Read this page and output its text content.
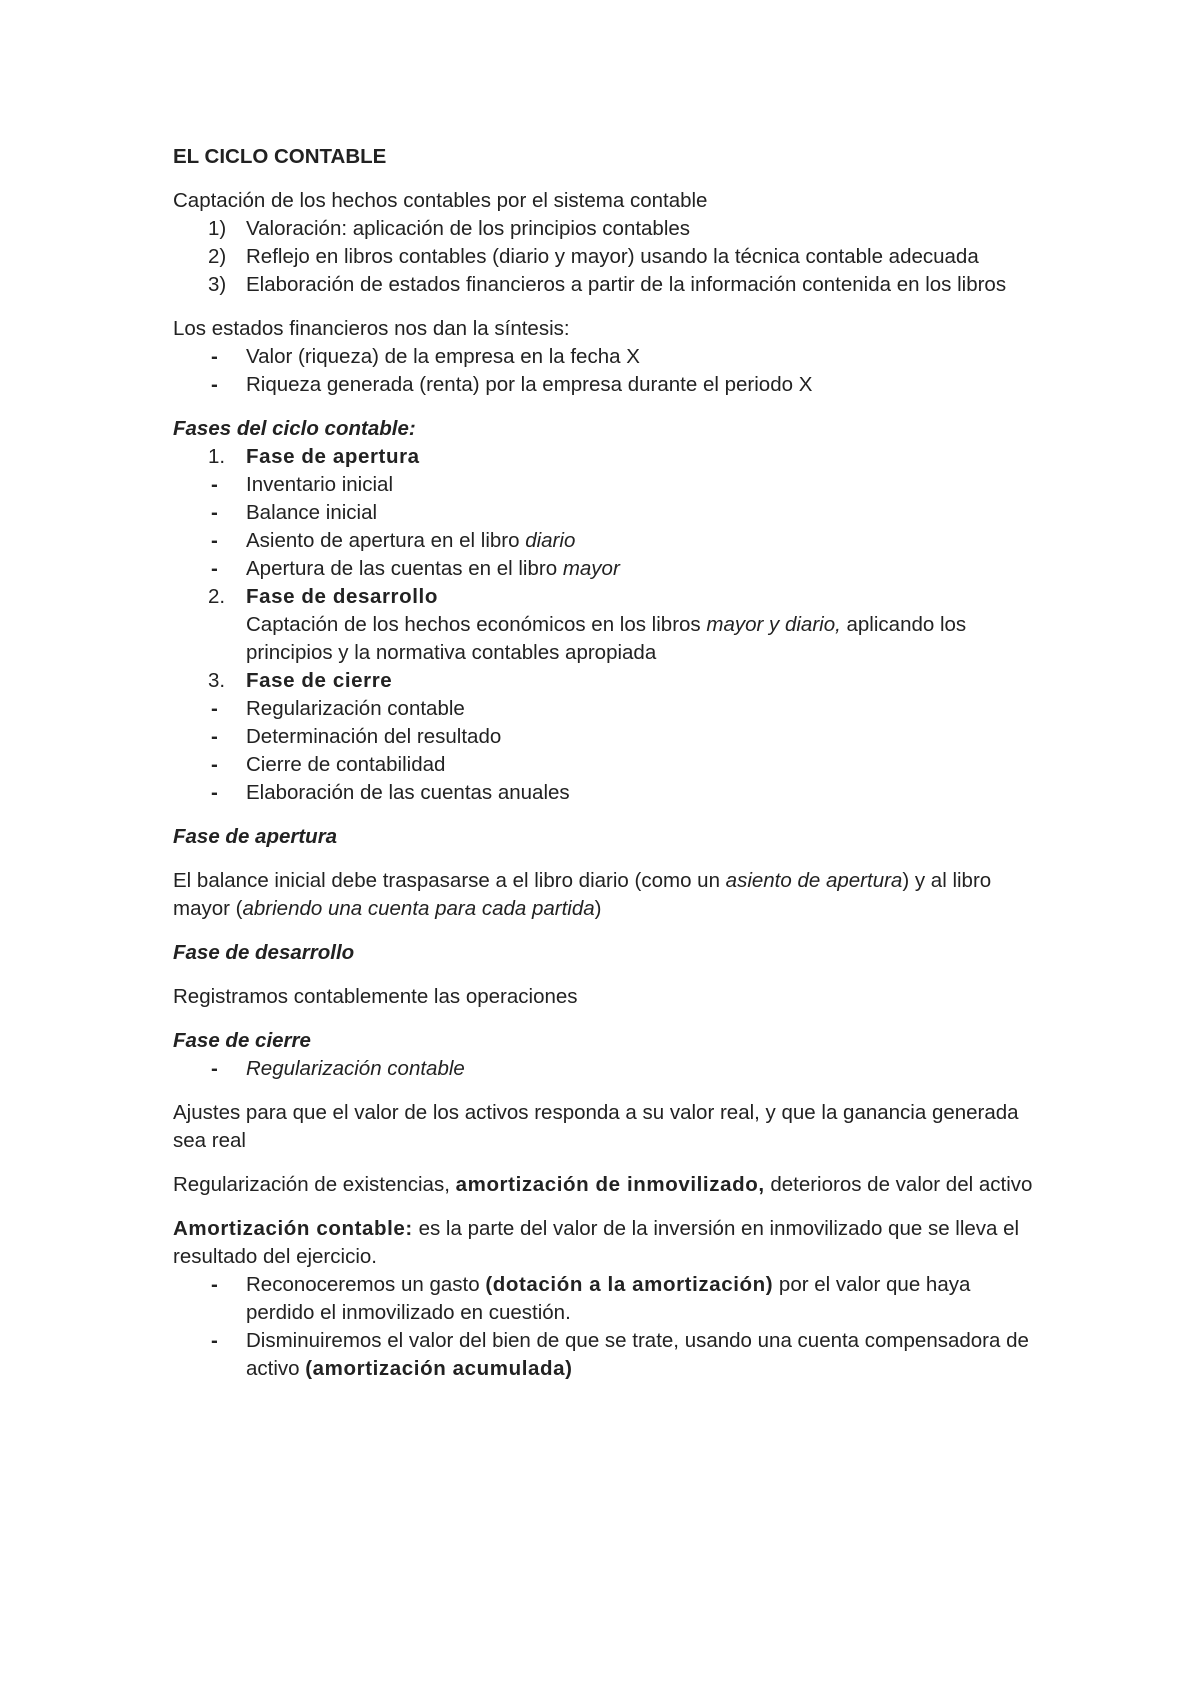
EL CICLO CONTABLE

Captación de los hechos contables por el sistema contable

1) Valoración: aplicación de los principios contables
2) Reflejo en libros contables (diario y mayor) usando la técnica contable adecuada
3) Elaboración de estados financieros a partir de la información contenida en los libros

Los estados financieros nos dan la síntesis:

- Valor (riqueza) de la empresa en la fecha X
- Riqueza generada (renta) por la empresa durante el periodo X

Fases del ciclo contable:

1. Fase de apertura
- Inventario inicial
- Balance inicial
- Asiento de apertura en el libro diario
- Apertura de las cuentas en el libro mayor
2. Fase de desarrollo
Captación de los hechos económicos en los libros mayor y diario, aplicando los principios y la normativa contables apropiada
3. Fase de cierre
- Regularización contable
- Determinación del resultado
- Cierre de contabilidad
- Elaboración de las cuentas anuales

Fase de apertura

El balance inicial debe traspasarse a el libro diario (como un asiento de apertura) y al libro mayor (abriendo una cuenta para cada partida)

Fase de desarrollo

Registramos contablemente las operaciones

Fase de cierre

- Regularización contable

Ajustes para que el valor de los activos responda a su valor real, y que la ganancia generada sea real

Regularización de existencias, amortización de inmovilizado, deterioros de valor del activo

Amortización contable: es la parte del valor de la inversión en inmovilizado que se lleva el resultado del ejercicio.

- Reconoceremos un gasto (dotación a la amortización) por el valor que haya perdido el inmovilizado en cuestión.
- Disminuiremos el valor del bien de que se trate, usando una cuenta compensadora de activo (amortización acumulada)
